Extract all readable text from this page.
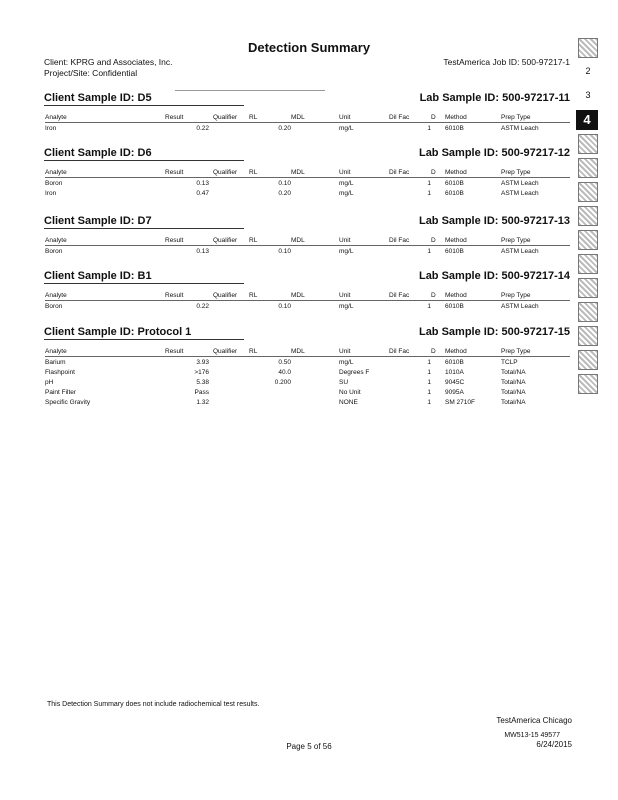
Detection Summary
Client: KPRG and Associates, Inc.
Project/Site: Confidential
TestAmerica Job ID: 500-97217-1
Client Sample ID: D5	Lab Sample ID: 500-97217-11
Analyte	Result	Qualifier	RL	MDL	Unit	Dil Fac	D	Method	Prep Type
Iron	0.22		0.20		mg/L	1		6010B	ASTM Leach
Client Sample ID: D6	Lab Sample ID: 500-97217-12
Analyte	Result	Qualifier	RL	MDL	Unit	Dil Fac	D	Method	Prep Type
Boron	0.13		0.10		mg/L	1		6010B	ASTM Leach
Iron	0.47		0.20		mg/L	1		6010B	ASTM Leach
Client Sample ID: D7	Lab Sample ID: 500-97217-13
Analyte	Result	Qualifier	RL	MDL	Unit	Dil Fac	D	Method	Prep Type
Boron	0.13		0.10		mg/L	1		6010B	ASTM Leach
Client Sample ID: B1	Lab Sample ID: 500-97217-14
Analyte	Result	Qualifier	RL	MDL	Unit	Dil Fac	D	Method	Prep Type
Boron	0.22		0.10		mg/L	1		6010B	ASTM Leach
Client Sample ID: Protocol 1	Lab Sample ID: 500-97217-15
Analyte	Result	Qualifier	RL	MDL	Unit	Dil Fac	D	Method	Prep Type
Barium	3.93		0.50		mg/L	1		6010B	TCLP
Flashpoint	>176		40.0		Degrees F	1		1010A	Total/NA
pH	5.38		0.200		SU	1		9045C	Total/NA
Paint Filter	Pass				No Unit	1		9095A	Total/NA
Specific Gravity	1.32				NONE	1		SM 2710F	Total/NA
2
3
4
This Detection Summary does not include radiochemical test results.
TestAmerica Chicago
MW513-15 49577
Page 5 of 56	6/24/2015
